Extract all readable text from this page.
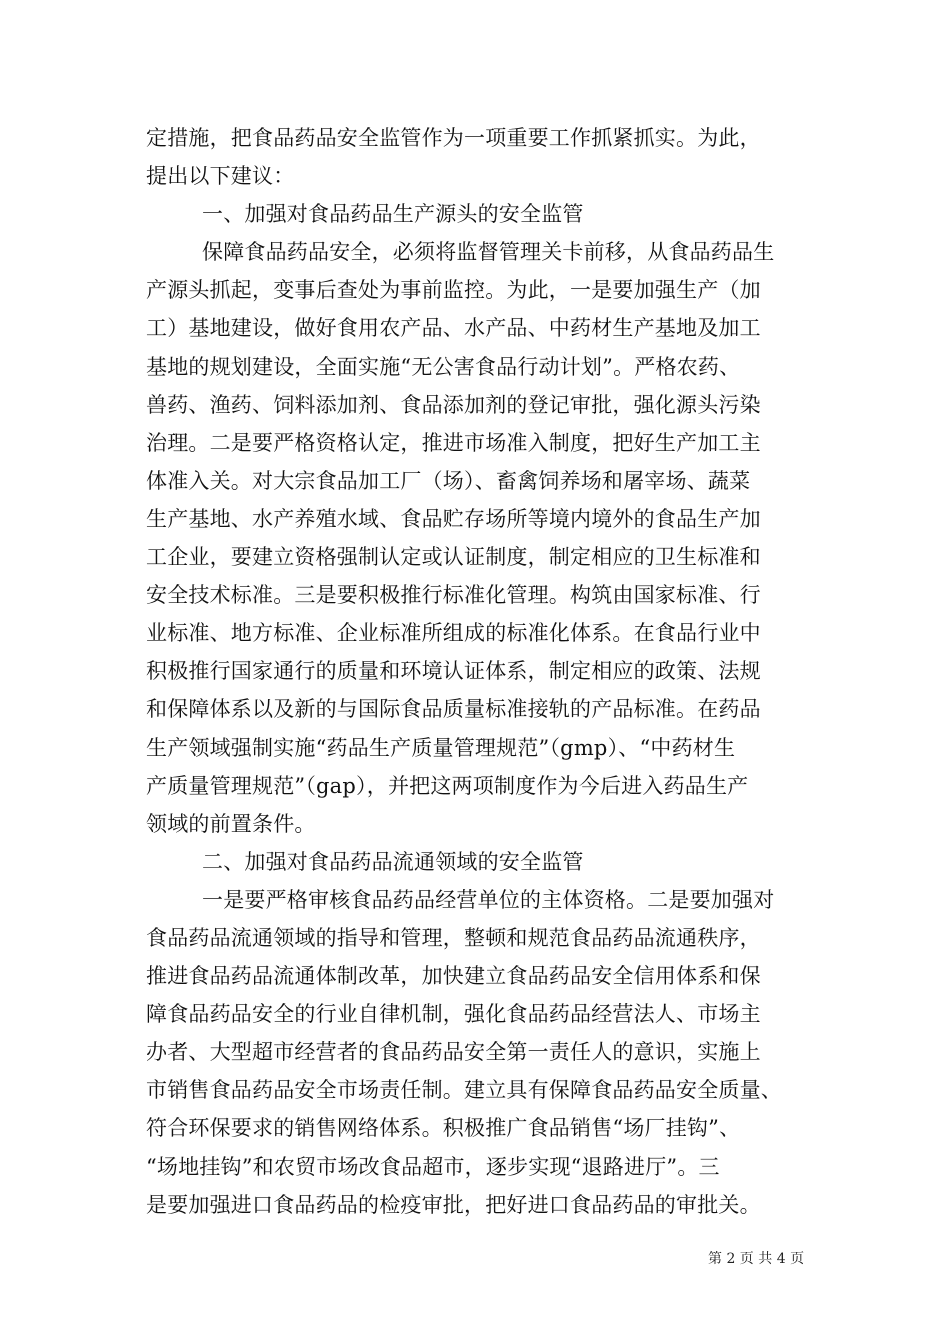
定措施，把食品药品安全监管作为一项重要工作抓紧抓实。为此，
提出以下建议：
一、加强对食品药品生产源头的安全监管
保障食品药品安全，必须将监督管理关卡前移，从食品药品生
产源头抓起，变事后查处为事前监控。为此，一是要加强生产（加
工）基地建设，做好食用农产品、水产品、中药材生产基地及加工
基地的规划建设，全面实施“无公害食品行动计划”。严格农药、
兽药、渔药、饲料添加剂、食品添加剂的登记审批，强化源头污染
治理。二是要严格资格认定，推进市场准入制度，把好生产加工主
体准入关。对大宗食品加工厂（场）、畜禽饲养场和屠宰场、蔬菜
生产基地、水产养殖水域、食品贮存场所等境内境外的食品生产加
工企业，要建立资格强制认定或认证制度，制定相应的卫生标准和
安全技术标准。三是要积极推行标准化管理。构筑由国家标准、行
业标准、地方标准、企业标准所组成的标准化体系。在食品行业中
积极推行国家通行的质量和环境认证体系，制定相应的政策、法规
和保障体系以及新的与国际食品质量标准接轨的产品标准。在药品
生产领域强制实施“药品生产质量管理规范”（gmp）、“中药材生
产质量管理规范”（gap），并把这两项制度作为今后进入药品生产
领域的前置条件。
二、加强对食品药品流通领域的安全监管
一是要严格审核食品药品经营单位的主体资格。二是要加强对
食品药品流通领域的指导和管理，整顿和规范食品药品流通秩序，
推进食品药品流通体制改革，加快建立食品药品安全信用体系和保
障食品药品安全的行业自律机制，强化食品药品经营法人、市场主
办者、大型超市经营者的食品药品安全第一责任人的意识，实施上
市销售食品药品安全市场责任制。建立具有保障食品药品安全质量、
符合环保要求的销售网络体系。积极推广食品销售“场厂挂钩”、
“场地挂钩”和农贸市场改食品超市，逐步实现“退路进厅”。三
是要加强进口食品药品的检疫审批，把好进口食品药品的审批关。
第 2 页 共 4 页
